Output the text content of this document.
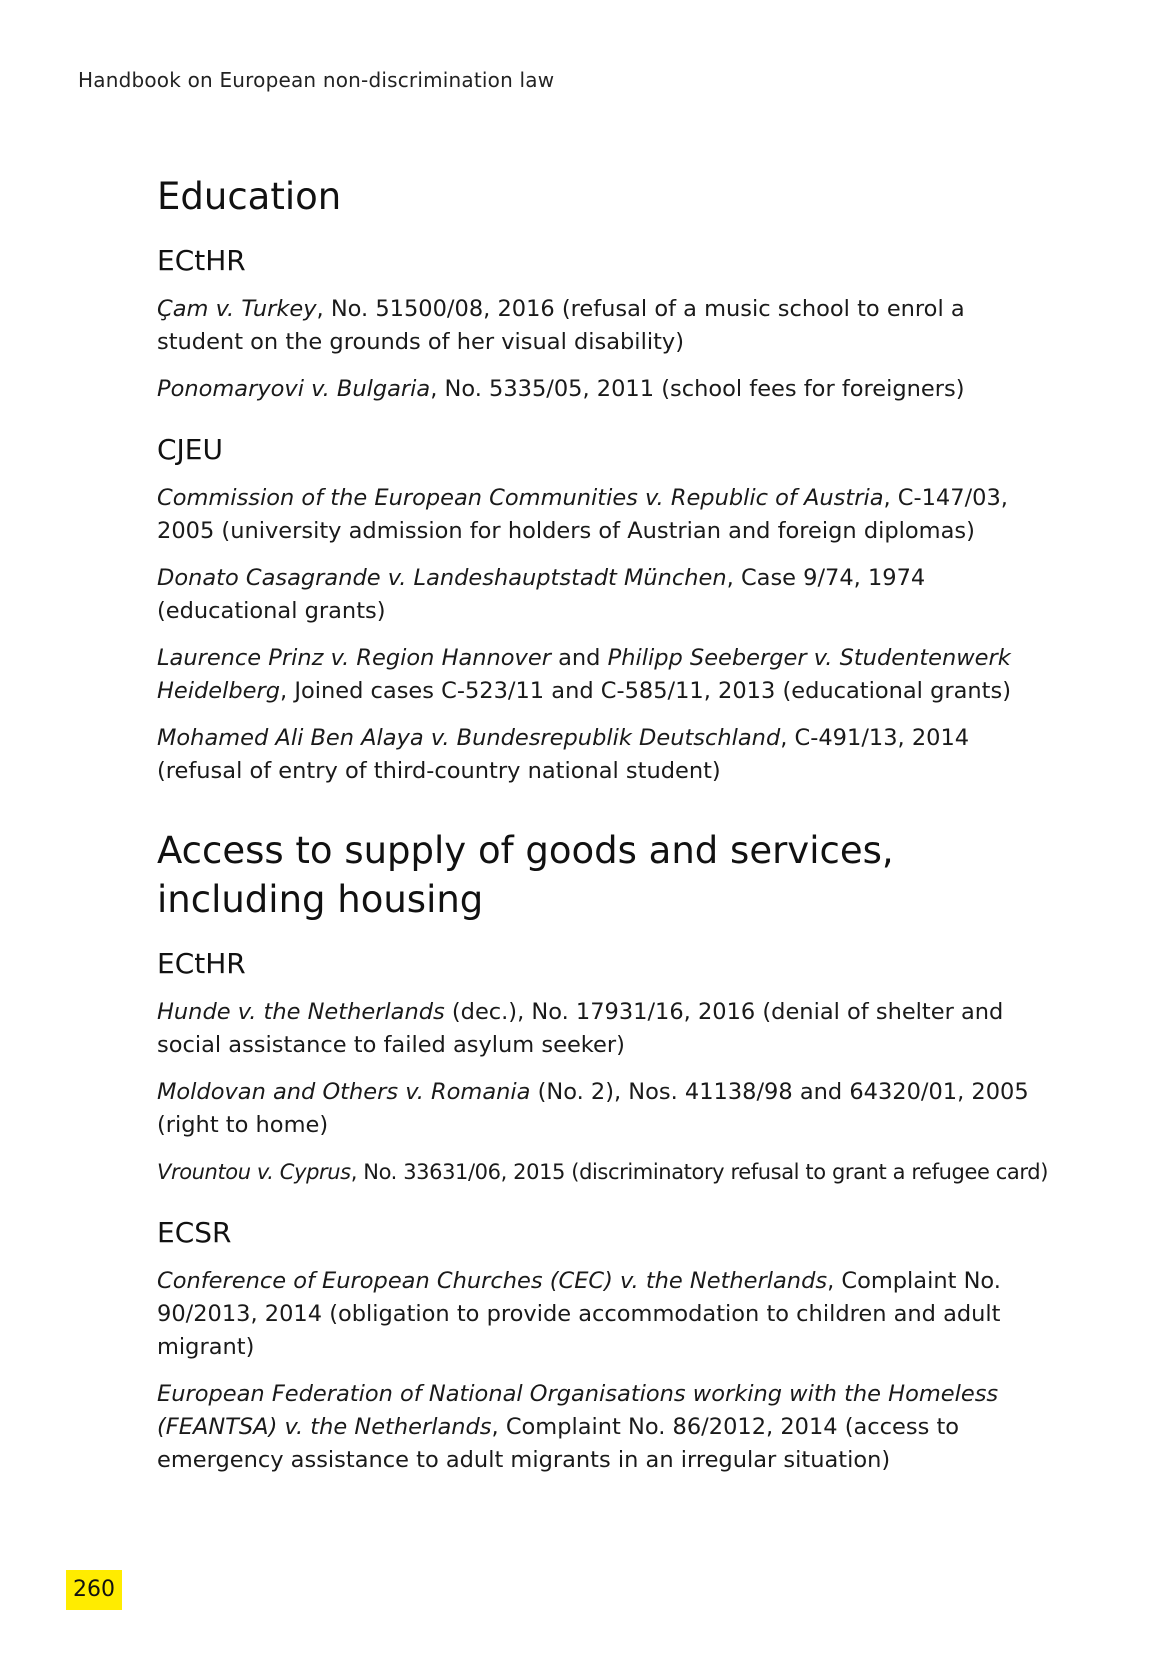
Handbook on European non-discrimination law
Education
ECtHR

Çam v. Turkey, No. 51500/08, 2016 (refusal of a music school to enrol a student on the grounds of her visual disability)

Ponomaryovi v. Bulgaria, No. 5335/05, 2011 (school fees for foreigners)

CJEU

Commission of the European Communities v. Republic of Austria, C-147/03, 2005 (university admission for holders of Austrian and foreign diplomas)

Donato Casagrande v. Landeshauptstadt München, Case 9/74, 1974 (educational grants)

Laurence Prinz v. Region Hannover and Philipp Seeberger v. Studentenwerk Heidelberg, Joined cases C-523/11 and C-585/11, 2013 (educational grants)

Mohamed Ali Ben Alaya v. Bundesrepublik Deutschland, C-491/13, 2014 (refusal of entry of third-country national student)

Access to supply of goods and services, including housing
ECtHR

Hunde v. the Netherlands (dec.), No. 17931/16, 2016 (denial of shelter and social assistance to failed asylum seeker)

Moldovan and Others v. Romania (No. 2), Nos. 41138/98 and 64320/01, 2005 (right to home)

Vrountou v. Cyprus, No. 33631/06, 2015 (discriminatory refusal to grant a refugee card)

ECSR

Conference of European Churches (CEC) v. the Netherlands, Complaint No. 90/2013, 2014 (obligation to provide accommodation to children and adult migrant)

European Federation of National Organisations working with the Homeless (FEANTSA) v. the Netherlands, Complaint No. 86/2012, 2014 (access to emergency assistance to adult migrants in an irregular situation)

260
